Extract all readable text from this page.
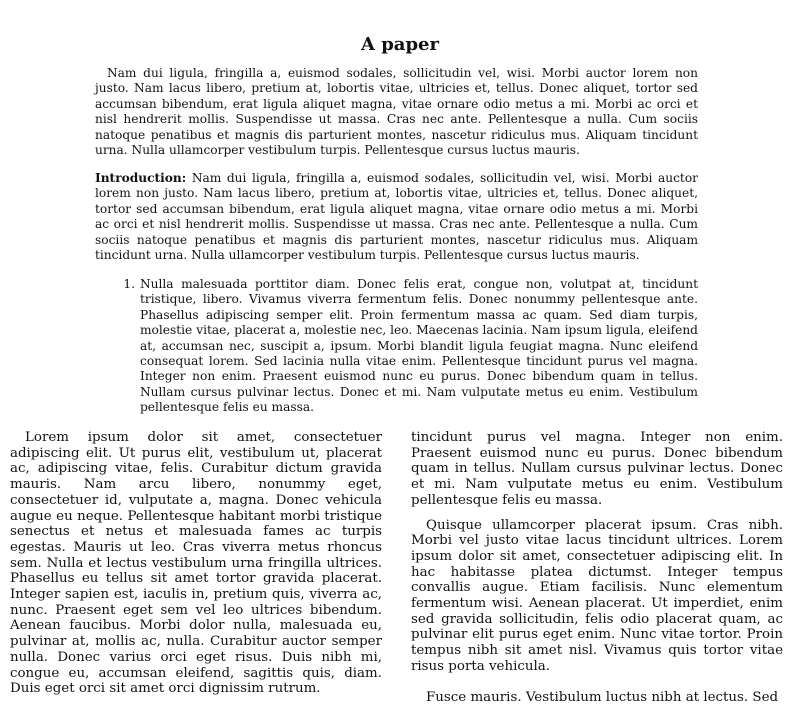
A paper
Nam dui ligula, fringilla a, euismod sodales, sollicitudin vel, wisi. Morbi auctor lorem non justo. Nam lacus libero, pretium at, lobortis vitae, ultricies et, tellus. Donec aliquet, tortor sed accumsan bibendum, erat ligula aliquet magna, vitae ornare odio metus a mi. Morbi ac orci et nisl hendrerit mollis. Suspendisse ut massa. Cras nec ante. Pellentesque a nulla. Cum sociis natoque penatibus et magnis dis parturient montes, nascetur ridiculus mus. Aliquam tincidunt urna. Nulla ullamcorper vestibulum turpis. Pellentesque cursus luctus mauris.
Introduction: Nam dui ligula, fringilla a, euismod sodales, sollicitudin vel, wisi. Morbi auctor lorem non justo. Nam lacus libero, pretium at, lobortis vitae, ultricies et, tellus. Donec aliquet, tortor sed accumsan bibendum, erat ligula aliquet magna, vitae ornare odio metus a mi. Morbi ac orci et nisl hendrerit mollis. Suspendisse ut massa. Cras nec ante. Pellentesque a nulla. Cum sociis natoque penatibus et magnis dis parturient montes, nascetur ridiculus mus. Aliquam tincidunt urna. Nulla ullamcorper vestibulum turpis. Pellentesque cursus luctus mauris.
1. Nulla malesuada porttitor diam. Donec felis erat, congue non, volutpat at, tincidunt tristique, libero. Vivamus viverra fermentum felis. Donec nonummy pellentesque ante. Phasellus adipiscing semper elit. Proin fermentum massa ac quam. Sed diam turpis, molestie vitae, placerat a, molestie nec, leo. Maecenas lacinia. Nam ipsum ligula, eleifend at, accumsan nec, suscipit a, ipsum. Morbi blandit ligula feugiat magna. Nunc eleifend consequat lorem. Sed lacinia nulla vitae enim. Pellentesque tincidunt purus vel magna. Integer non enim. Praesent euismod nunc eu purus. Donec bibendum quam in tellus. Nullam cursus pulvinar lectus. Donec et mi. Nam vulputate metus eu enim. Vestibulum pellentesque felis eu massa.

Lorem ipsum dolor sit amet, consectetuer adipiscing elit. Ut purus elit, vestibulum ut, placerat ac, adipiscing vitae, felis. Curabitur dictum gravida mauris. Nam arcu libero, nonummy eget, consectetuer id, vulputate a, magna. Donec vehicula augue eu neque. Pellentesque habitant morbi tristique senectus et netus et malesuada fames ac turpis egestas. Mauris ut leo. Cras viverra metus rhoncus sem. Nulla et lectus vestibulum urna fringilla ultrices. Phasellus eu tellus sit amet tortor gravida placerat. Integer sapien est, iaculis in, pretium quis, viverra ac, nunc. Praesent eget sem vel leo ultrices bibendum. Aenean faucibus. Morbi dolor nulla, malesuada eu, pulvinar at, mollis ac, nulla. Curabitur auctor semper nulla. Donec varius orci eget risus. Duis nibh mi, congue eu, accumsan eleifend, sagittis quis, diam. Duis eget orci sit amet orci dignissim rutrum.

tincidunt purus vel magna. Integer non enim. Praesent euismod nunc eu purus. Donec bibendum quam in tellus. Nullam cursus pulvinar lectus. Donec et mi. Nam vulputate metus eu enim. Vestibulum pellentesque felis eu massa.

Quisque ullamcorper placerat ipsum. Cras nibh. Morbi vel justo vitae lacus tincidunt ultrices. Lorem ipsum dolor sit amet, consectetuer adipiscing elit. In hac habitasse platea dictumst. Integer tempus convallis augue. Etiam facilisis. Nunc elementum fermentum wisi. Aenean placerat. Ut imperdiet, enim sed gravida sollicitudin, felis odio placerat quam, ac pulvinar elit purus eget enim. Nunc vitae tortor. Proin tempus nibh sit amet nisl. Vivamus quis tortor vitae risus porta vehicula.

Fusce mauris. Vestibulum luctus nibh at lectus. Sed
